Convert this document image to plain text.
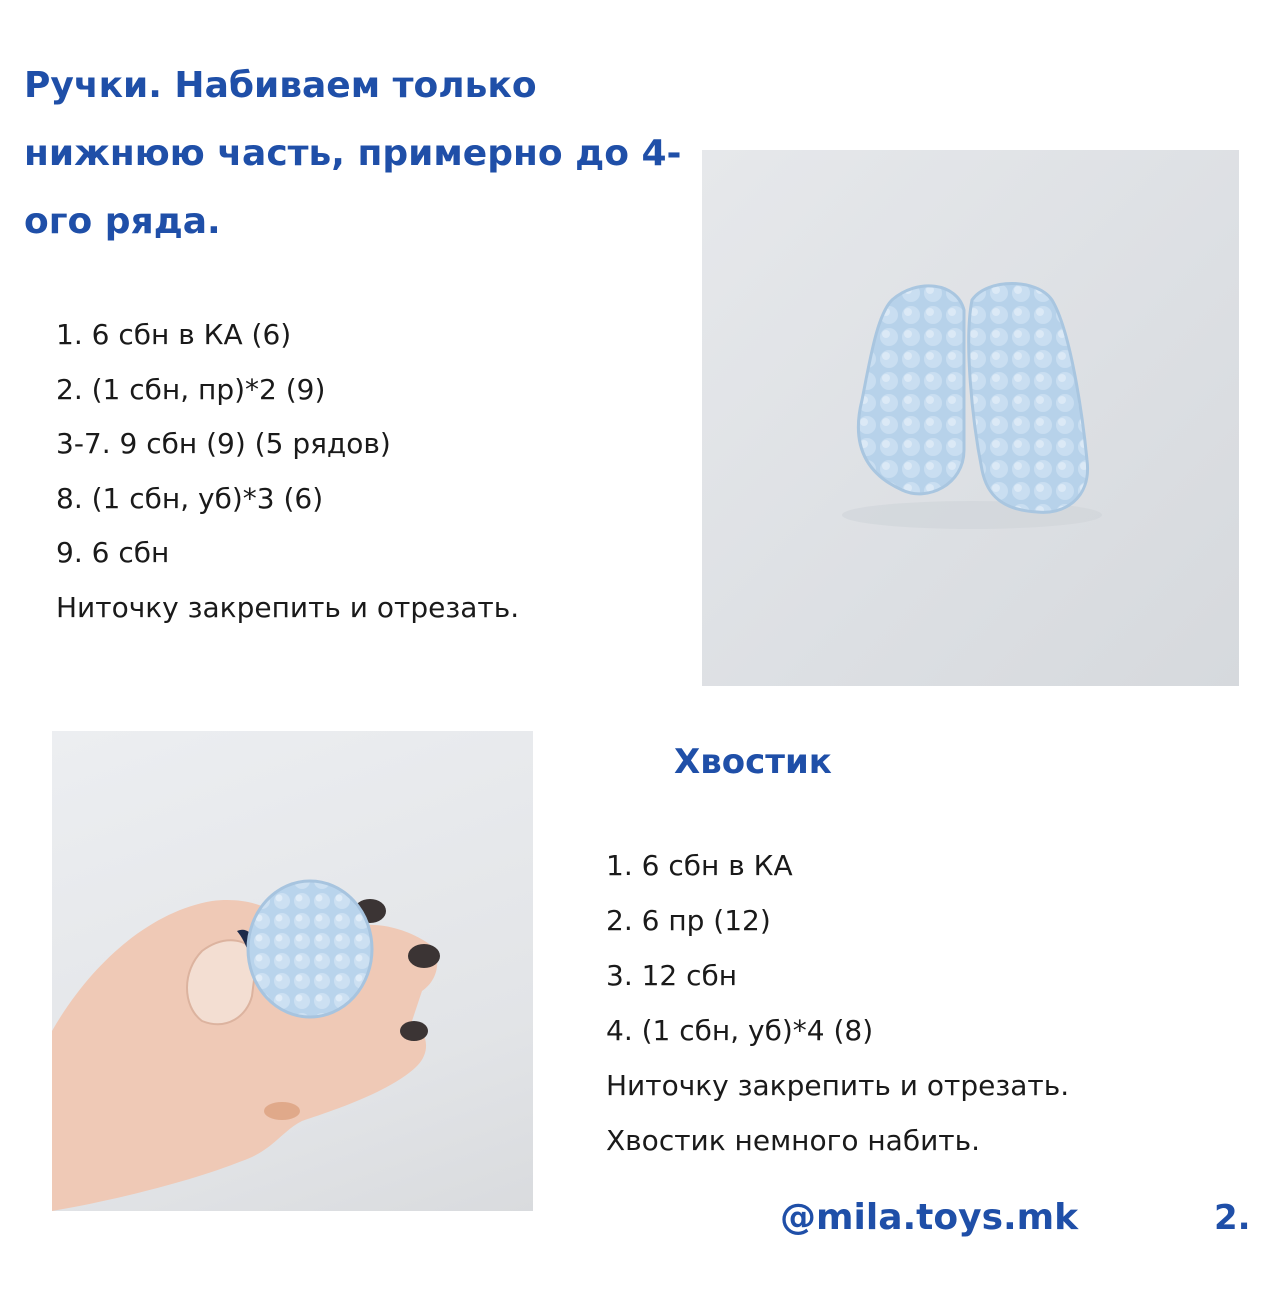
Ручки. Набиваем только нижнюю часть, примерно до 4-ого ряда.
1. 6 сбн в КА (6)
2. (1 сбн, пр)*2 (9)
3-7. 9 сбн (9) (5 рядов)
8. (1 сбн, уб)*3 (6)
9. 6 сбн
Ниточку закрепить и отрезать.
Хвостик
1. 6 сбн в КА
2. 6 пр (12)
3. 12 сбн
4. (1 сбн, уб)*4 (8)
Ниточку закрепить и отрезать.
Хвостик немного набить.

@mila.toys.mk	2.
